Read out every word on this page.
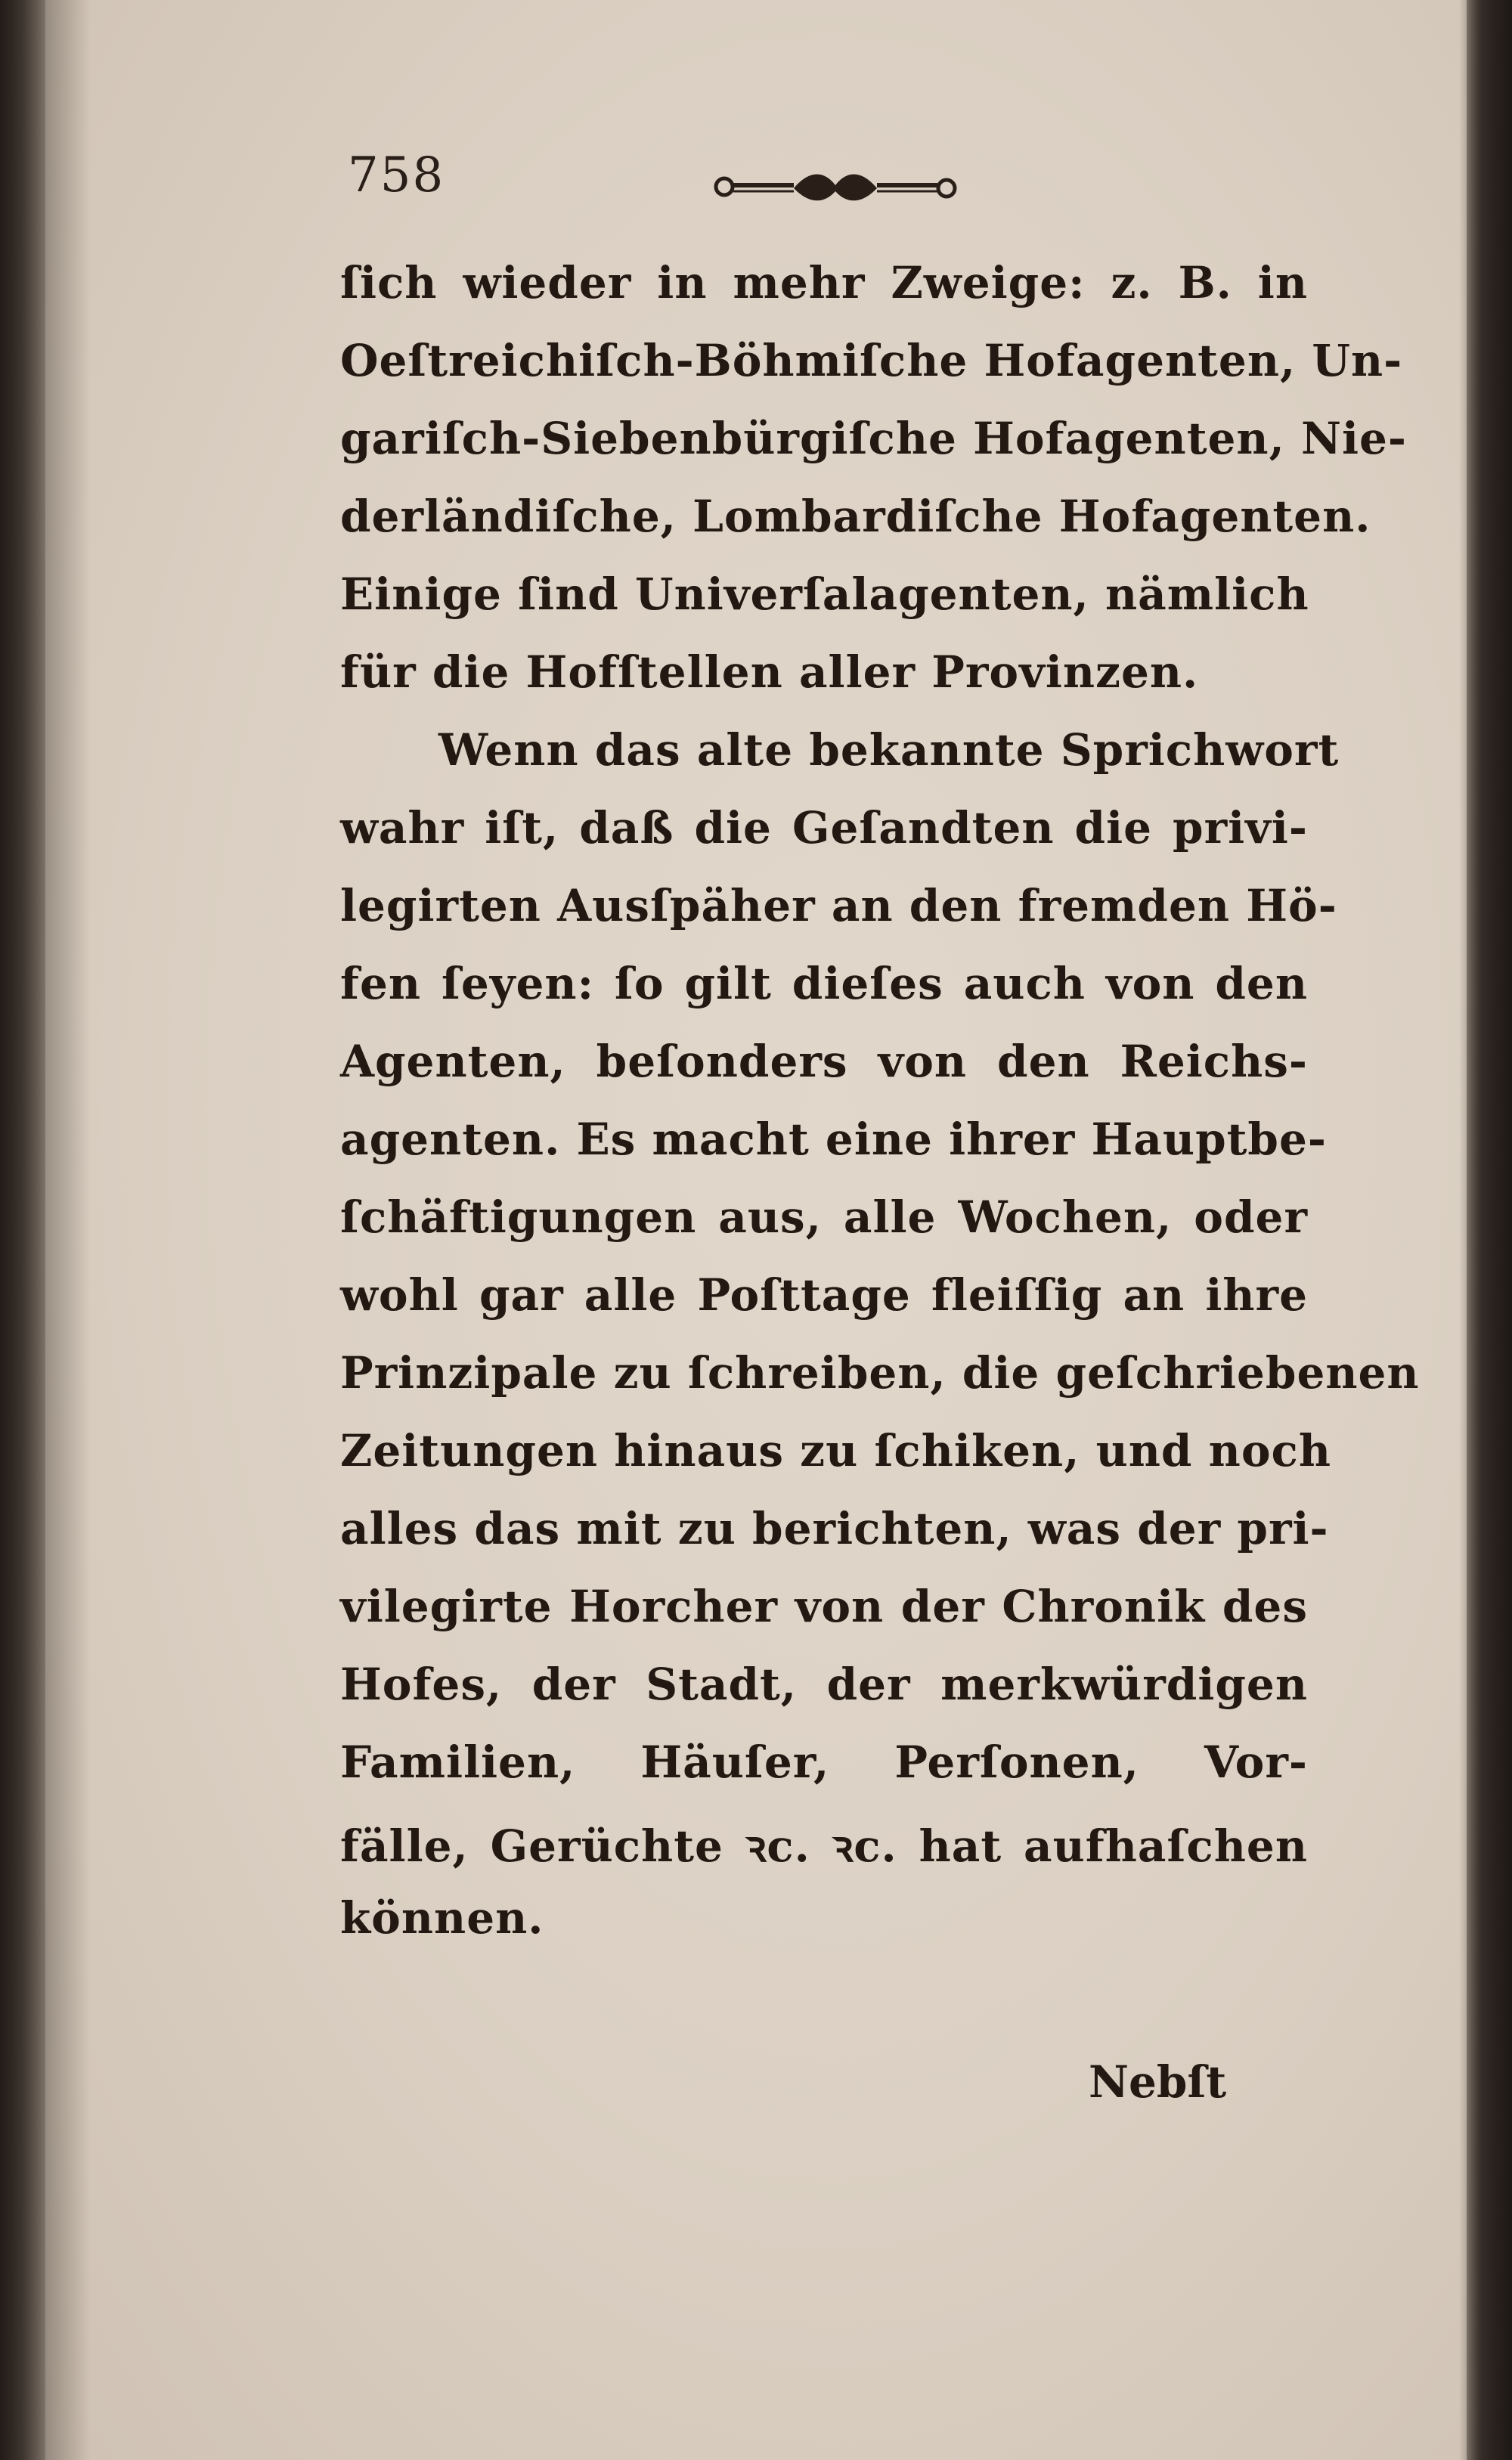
758
ſich wieder in mehr Zweige: z. B. in
Oeſtreichiſch-Böhmiſche Hofagenten, Un-
gariſch-Siebenbürgiſche Hofagenten, Nie-
derländiſche, Lombardiſche Hofagenten.
Einige ſind Univerſalagenten, nämlich
für die Hofſtellen aller Provinzen.
Wenn das alte bekannte Sprichwort
wahr iſt, daß die Geſandten die privi-
legirten Ausſpäher an den fremden Hö-
fen ſeyen: ſo gilt dieſes auch von den
Agenten, beſonders von den Reichs-
agenten. Es macht eine ihrer Hauptbe-
ſchäftigungen aus, alle Wochen, oder
wohl gar alle Poſttage fleiſſig an ihre
Prinzipale zu ſchreiben, die geſchriebenen
Zeitungen hinaus zu ſchiken, und noch
alles das mit zu berichten, was der pri-
vilegirte Horcher von der Chronik des
Hofes, der Stadt, der merkwürdigen
Familien, Häuſer, Perſonen, Vor-
fälle, Gerüchte ꝛc. ꝛc. hat aufhaſchen
können.
Nebſt
